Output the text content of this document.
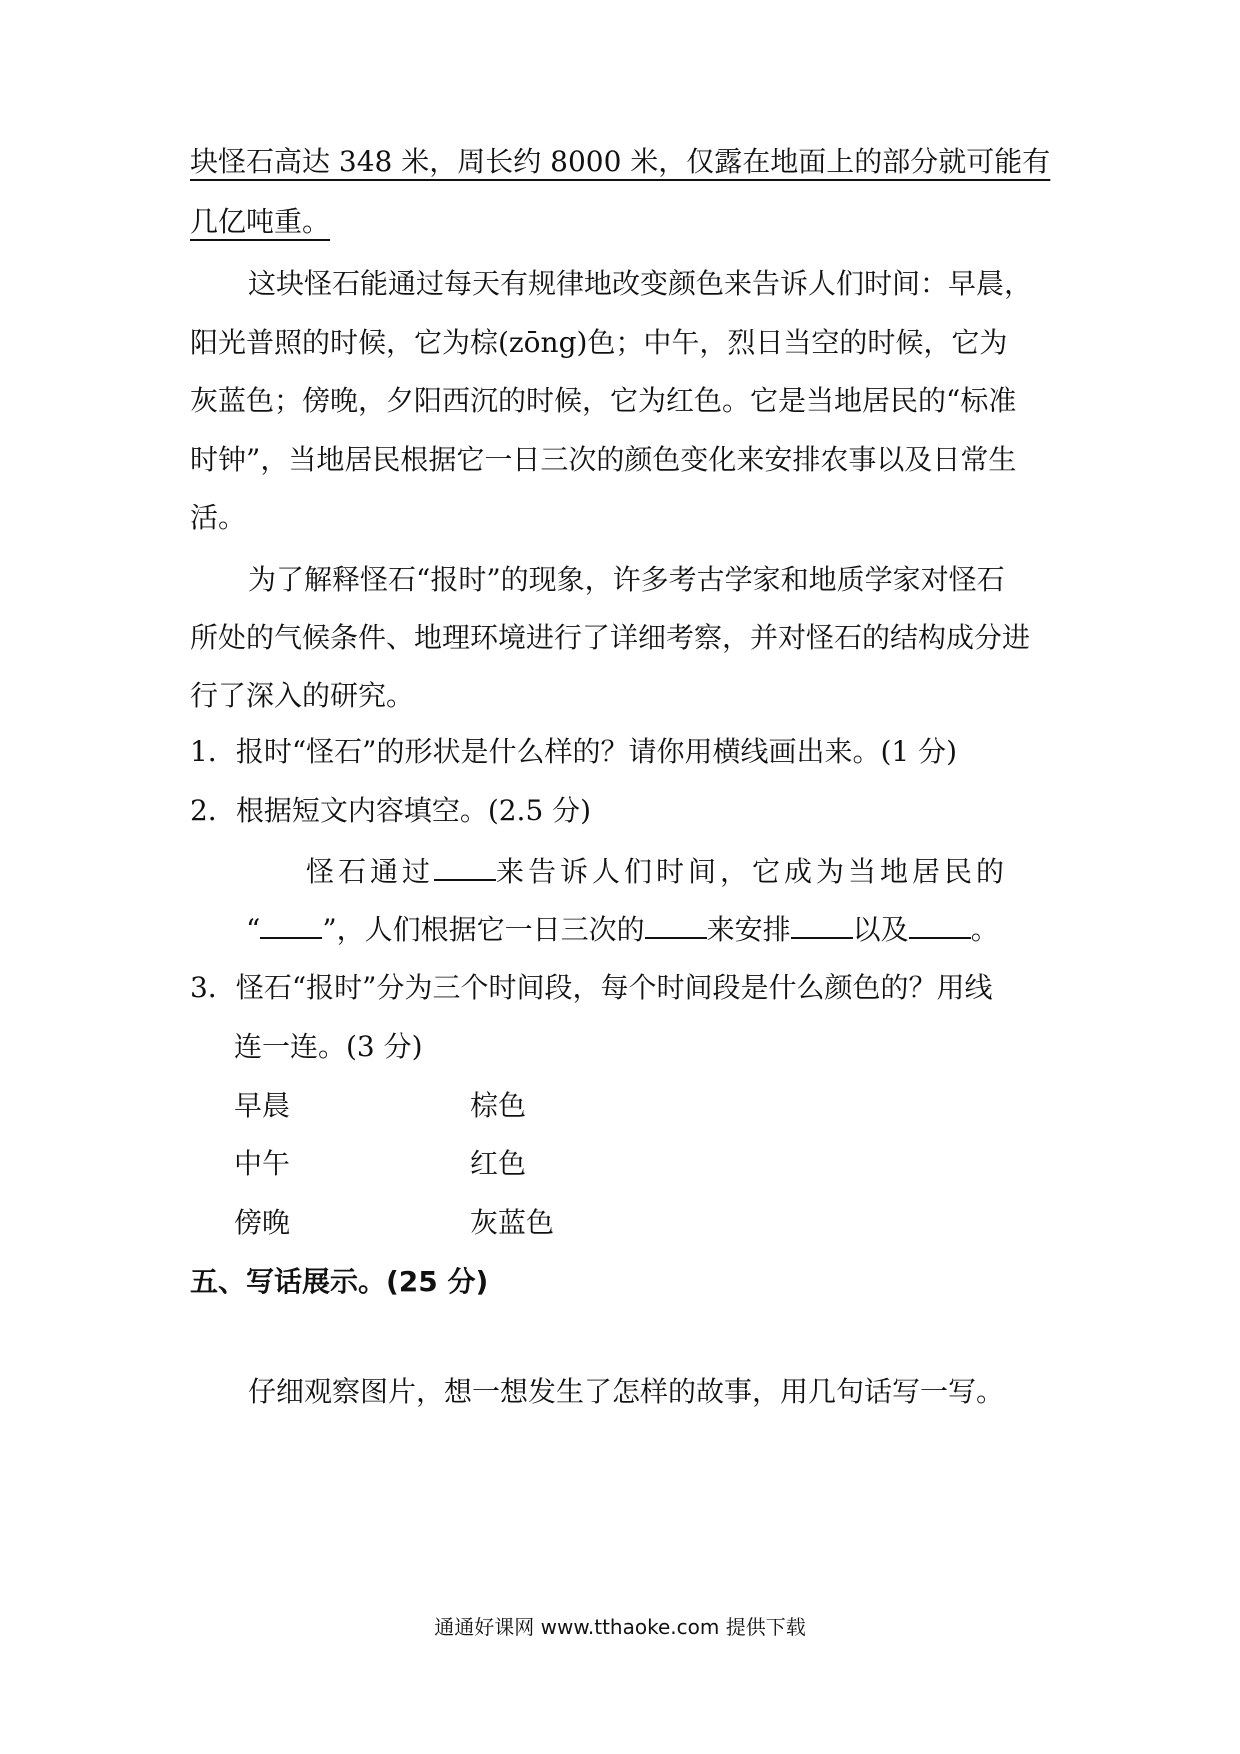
块怪石高达 348 米，周长约 8000 米，仅露在地面上的部分就可能有
几亿吨重。
这块怪石能通过每天有规律地改变颜色来告诉人们时间：早晨，
阳光普照的时候，它为棕(zōng)色；中午，烈日当空的时候，它为
灰蓝色；傍晚，夕阳西沉的时候，它为红色。它是当地居民的“标准
时钟”，当地居民根据它一日三次的颜色变化来安排农事以及日常生
活。
为了解释怪石“报时”的现象，许多考古学家和地质学家对怪石
所处的气候条件、地理环境进行了详细考察，并对怪石的结构成分进
行了深入的研究。
1．报时“怪石”的形状是什么样的？请你用横线画出来。(1 分)
2．根据短文内容填空。(2.5 分)
怪石通过 来告诉人们时间，它成为当地居民的
“ ”，人们根据它一日三次的 来安排 以及 。
3．怪石“报时”分为三个时间段，每个时间段是什么颜色的？用线
连一连。(3 分)
早晨	棕色
中午	红色
傍晚	灰蓝色
五、写话展示。(25 分)
仔细观察图片，想一想发生了怎样的故事，用几句话写一写。
通通好课网 www.tthaoke.com 提供下载
